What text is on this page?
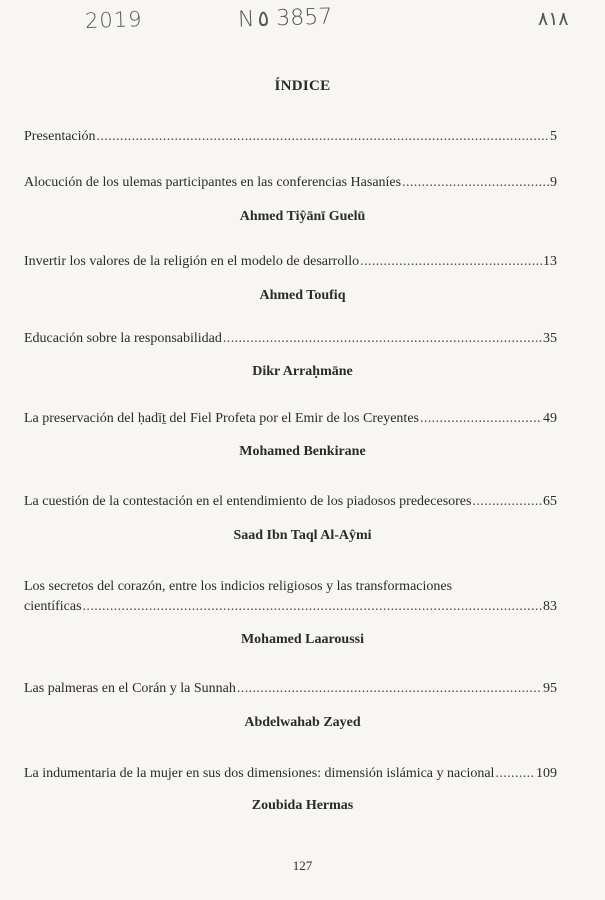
2019	N٥ 3857	٨١٨
ÍNDICE
Presentación .....	5
Alocución de los ulemas participantes en las conferencias Hasaníes .....	9
Ahmed Tiŷānī Guelū
Invertir los valores de la religión en el modelo de desarrollo .....	13
Ahmed Toufiq
Educación sobre la responsabilidad .....	35
Dikr Arraḥmāne
La preservación del ḥadīṯ del Fiel Profeta por el Emir de los Creyentes .....	49
Mohamed Benkirane
La cuestión de la contestación en el entendimiento de los piadosos predecesores .....	65
Saad Ibn Taql Al-Aŷmi
Los secretos del corazón, entre los indicios religiosos y las transformaciones
científicas .....	83
Mohamed Laaroussi
Las palmeras en el Corán y la Sunnah .....	95
Abdelwahab Zayed
La indumentaria de la mujer en sus dos dimensiones: dimensión islámica y nacional .....	109
Zoubida Hermas
127
